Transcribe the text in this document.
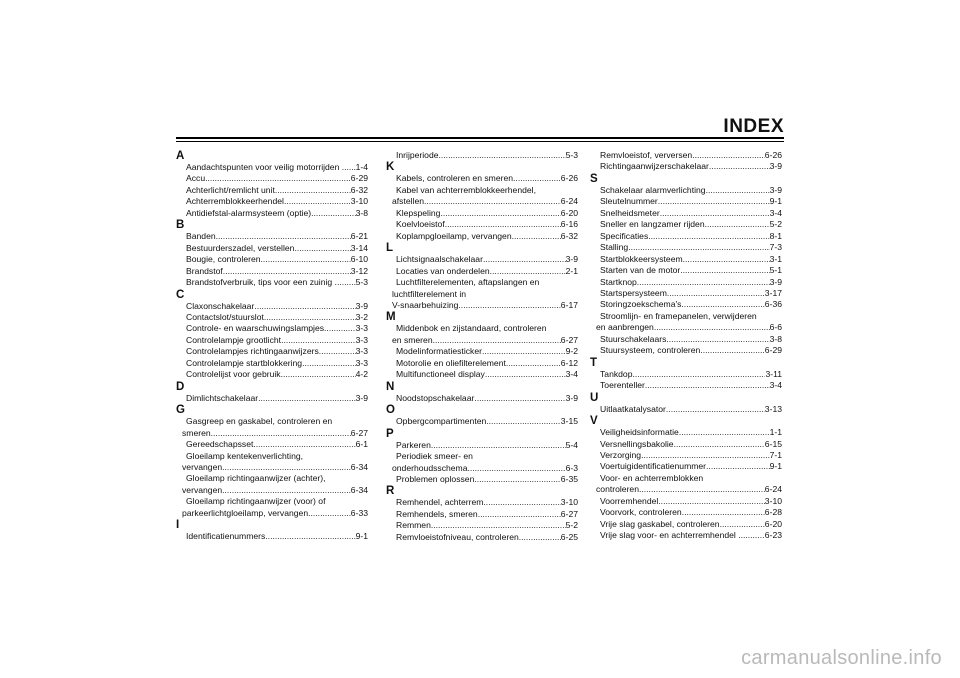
INDEX
A
Aandachtspunten voor veilig motorrijden .. ..... 1-4
Accu .....	6-29
Achterlicht/remlicht unit .....	6-32
Achterremblokkeerhendel .....	3-10
Antidiefstal-alarmsysteem (optie) .....	3-8
B
Banden .....	6-21
Bestuurderszadel, verstellen .....	3-14
Bougie, controleren .....	6-10
Brandstof .....	3-12
Brandstofverbruik, tips voor een zuinig ..... ..... 5-3
C
Claxonschakelaar .....	3-9
Contactslot/stuurslot .....	3-2
Controle- en waarschuwingslampjes .....	3-3
Controlelampje grootlicht .....	3-3
Controlelampjes richtingaanwijzers .....	3-3
Controlelampje startblokkering .....	3-3
Controlelijst voor gebruik .....	4-2
D
Dimlichtschakelaar .....	3-9
G
Gasgreep en gaskabel, controleren en
smeren .....	6-27
Gereedschapsset .....	6-1
Gloeilamp kentekenverlichting,
vervangen .....	6-34
Gloeilamp richtingaanwijzer (achter),
vervangen .....	6-34
Gloeilamp richtingaanwijzer (voor) of
parkeerlichtgloeilamp, vervangen .....	6-33
I
Identificatienummers .....	9-1
Inrijperiode .....	5-3
K
Kabels, controleren en smeren .....	6-26
Kabel van achterremblokkeerhendel,
afstellen .....	6-24
Klepspeling .....	6-20
Koelvloeistof .....	6-16
Koplampgloeilamp, vervangen .....	6-32
L
Lichtsignaalschakelaar .....	3-9
Locaties van onderdelen .....	2-1
Luchtfilterelementen, aftapslangen en
luchtfilterelement in
V-snaarbehuizing .....	6-17
M
Middenbok en zijstandaard, controleren
en smeren .....	6-27
Modelinformatiesticker .....	9-2
Motorolie en oliefilterelement .....	6-12
Multifunctioneel display .....	3-4
N
Noodstopschakelaar .....	3-9
O
Opbergcompartimenten .....	3-15
P
Parkeren .....	5-4
Periodiek smeer- en
onderhoudsschema .....	6-3
Problemen oplossen .....	6-35
R
Remhendel, achterrem .....	3-10
Remhendels, smeren .....	6-27
Remmen .....	5-2
Remvloeistofniveau, controleren .....	6-25
Remvloeistof, verversen .....	6-26
Richtingaanwijzerschakelaar .....	3-9
S
Schakelaar alarmverlichting .....	3-9
Sleutelnummer .....	9-1
Snelheidsmeter .....	3-4
Sneller en langzamer rijden .....	5-2
Specificaties .....	8-1
Stalling .....	7-3
Startblokkeersysteem .....	3-1
Starten van de motor .....	5-1
Startknop .....	3-9
Startspersysteem .....	3-17
Storingzoekschema's .....	6-36
Stroomlijn- en framepanelen, verwijderen
en aanbrengen .....	6-6
Stuurschakelaars .....	3-8
Stuursysteem, controleren .....	6-29
T
Tankdop .....	3-11
Toerenteller .....	3-4
U
Uitlaatkatalysator .....	3-13
V
Veiligheidsinformatie .....	1-1
Versnellingsbakolie .....	6-15
Verzorging .....	7-1
Voertuigidentificatienummer .....	9-1
Voor- en achterremblokken
controleren .....	6-24
Voorremhendel .....	3-10
Voorvork, controleren .....	6-28
Vrije slag gaskabel, controleren .....	6-20
Vrije slag voor- en achterremhendel ....... ..... 6-23
carmanualsonline.info
